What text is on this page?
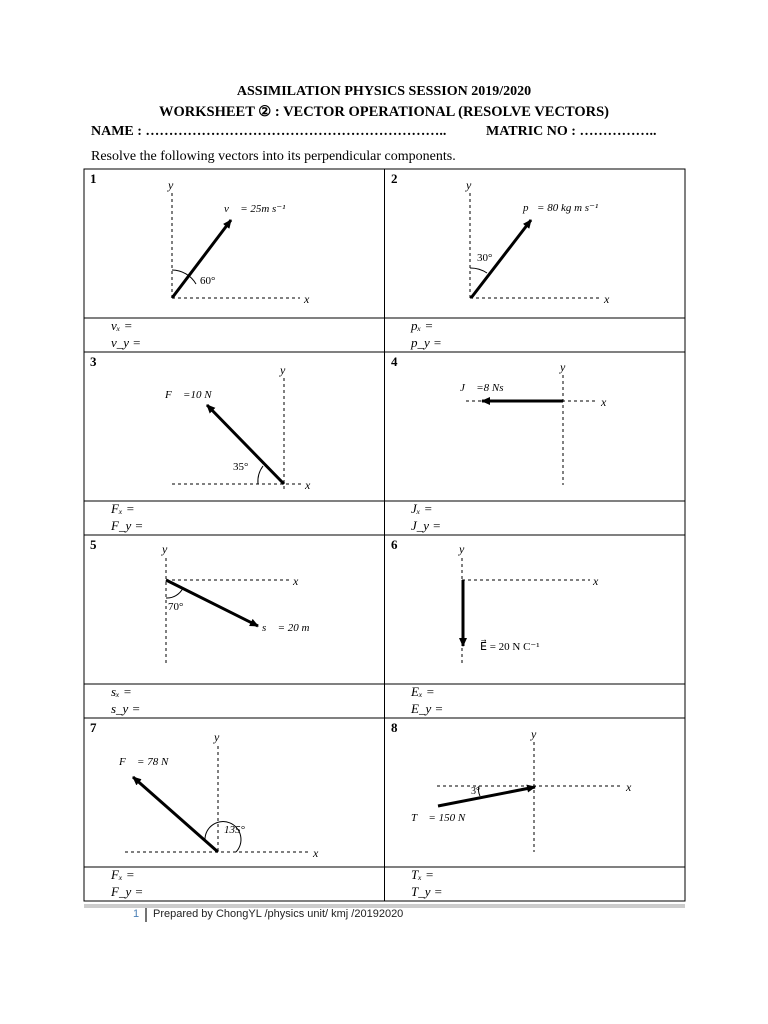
ASSIMILATION PHYSICS SESSION 2019/2020
WORKSHEET ② : VECTOR OPERATIONAL (RESOLVE VECTORS)
NAME : ………………………………………………………..	MATRIC NO : ……………..
Resolve the following vectors into its perpendicular components.
1	2
3	4
5	6
7	8
y
x
v⃗ = 25m s⁻¹
60°
y
x
p⃗= 80 kg m s⁻¹
30°
y
x
F⃗ =10 N
35°
y
x
J⃗ =8 Ns
y
x
s⃗ = 20 m
70°
y
x
E⃗ = 20 N C⁻¹
y
x
F⃗ = 78 N
135°
y
x
T⃗ = 150 N
3°
vₓ =
v_y =
pₓ =
p_y =
Fₓ =
F_y =
Jₓ =
J_y =
sₓ =
s_y =
Eₓ =
E_y =
Fₓ =
F_y =
Tₓ =
T_y =
1 Prepared by ChongYL /physics unit/ kmj /20192020
